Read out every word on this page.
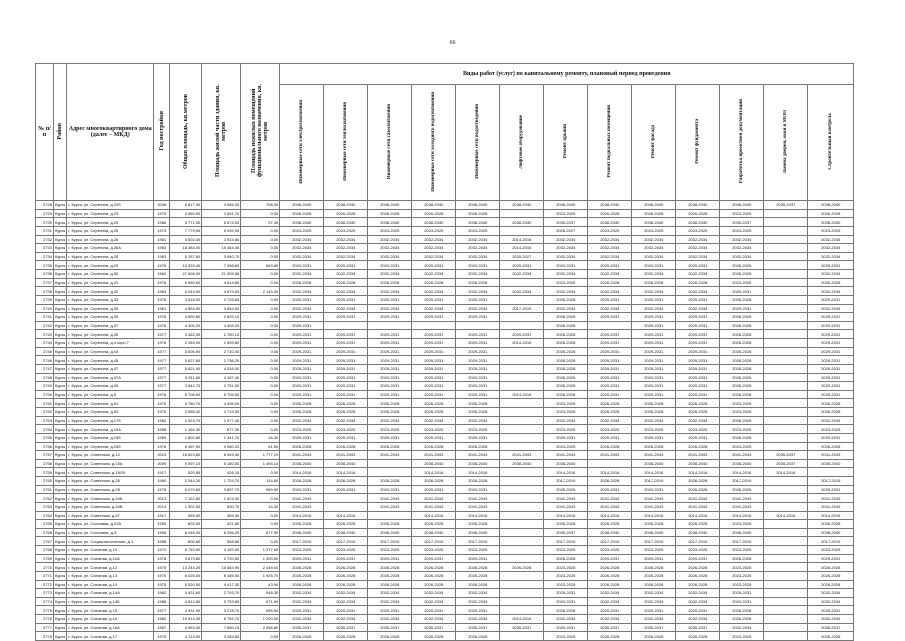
66
№ п/п	Район	Адрес многоквартирного дома (далее – МКД)	Год постройки	Общая площадь, кв.метров	Площадь жилой части здания, кв. метров	Площадь нежилых помещений функционального назначения, кв. метров	Виды работ (услуг) по капитальному ремонту, плановый период проведения												
							Инженерные сети электроснабжения	Инженерные сети теплоснабжения	Инженерные сети газоснабжения	Инженерные сети холодного водоснабжения	Инженерные сети водоотведения	Лифтовое оборудование	Ремонт крыши	Ремонт подвальных помещений	Ремонт фасада	Ремонт фундамента	Разработка проектной документации	Замена дверей, окон в МОП	Строительный контроль
2728	Курск	г. Курск, ул. Серегина, д.22б	2006	8 817,30	4 966,30	758,30	2038-2040	2038-2040	2038-2040	2038-2040	2038-2040	2038-2040	2038-2040	2038-2040	2038-2040	2038-2040	2038-2040	2035-2037	2038-2040
2729	Курск	г. Курск, ул. Серегина, д.23	1975	3 580,50	2 691,70	0,00	2026-2028	2026-2028	2026-2028	2026-2028	2026-2028		2023-2025	2026-2028	2026-2028	2026-2028	2023-2025		2026-2028
2730	Курск	г. Курск, ул. Серегина, д.25	1966	5 771,90	5 674,00	97,40	2038-2040	2038-2040	2038-2040	2038-2040	2038-2040	2038-2040	2035-2037	2038-2040	2038-2040	2038-2040	2035-2037		2038-2040
2731	Курск	г. Курск, ул. Серегина, д.25	1973	7 779,90	5 932,90	0,00	2023-2025	2023-2025	2023-2025	2023-2025	2023-2025		2026-2027	2023-2025	2023-2025	2023-2025	2023-2025		2023-2025
2732	Курск	г. Курск, ул. Серегина, д.26	1981	4 602,40	3 924,80	0,00	2032-2034	2032-2034	2032-2034	2032-2034	2032-2034	2014-2016	2032-2034	2032-2034	2032-2034	2032-2034	2032-2034		2032-2034
2733	Курск	г. Курск, ул. Серегина, д.26А	1983	18 384,00	15 464,35	0,00	2032-2034	2032-2034	2032-2034	2032-2034	2032-2034	2014-2016	2032-2034	2032-2034	2032-2034	2032-2034	2032-2034		2032-2034
2734	Курск	г. Курск, ул. Серегина, д.28	1983	5 157,60	3 940,70	0,00	2032-2034	2032-2034	2032-2034	2032-2034	2032-2034	2025-2027	2032-2034	2032-2034	2032-2034	2032-2034	2032-2034		2032-2034
2735	Курск	г. Курск, ул. Серегина, д.29	1976	10 333,40	7 998,60	663,80	2029-2031	2029-2031	2029-2031	2029-2031	2029-2031	2029-2031	2029-2031	2029-2031	2029-2031	2029-2031	2026-2028		2029-2031
2736	Курск	г. Курск, ул. Серегина, д.30	1962	27 606,00	21 309,56	0,00	2032-2034	2032-2034	2032-2034	2032-2034	2032-2034	2032-2034	2032-2034	2032-2034	2032-2034	2032-2034	2026-2028		2032-2034
2737	Курск	г. Курск, ул. Серегина, д.31	1976	5 960,50	4 614,80	0,00	2026-2028	2026-2028	2026-2028	2026-2028	2026-2028		2023-2025	2026-2028	2026-2028	2026-2028	2023-2025		2026-2028
2738	Курск	г. Курск, ул. Серегина, д.32	1983	5 044,90	3 879,90	2 149,30	2032-2034	2032-2034	2032-2034	2032-2034	2032-2034	2032-2034	2032-2034	2032-2034	2032-2034	2032-2034	2029-2031		2032-2034
2739	Курск	г. Курск, ул. Серегина, д.33	1976	3 616,90	2 726,60	0,00	2029-2031	2029-2031	2029-2031	2029-2031	2029-2031		2026-2028	2029-2031	2029-2031	2029-2031	2026-2028		2029-2031
2740	Курск	г. Курск, ул. Серегина, д.35	1981	4 854,90	3 854,90	0,00	2032-2034	2032-2034	2032-2034	2032-2034	2032-2034	2017-2019	2032-2034	2032-2034	2032-2034	2032-2034	2029-2031		2032-2034
2741	Курск	г. Курск, ул. Серегина, д.35	1976	3 690,80	2 693,10	0,00	2029-2031	2029-2031	2029-2031	2029-2031	2029-2031		2026-2028	2029-2031	2029-2031	2029-2031	2026-2028		2029-2031
2742	Курск	г. Курск, ул. Серегина, д.37	1976	4 405,20	4 405,20	0,00	2029-2031						2026-2028		2029-2031	2029-2031	2026-2028		2029-2031
2743	Курск	г. Курск, ул. Серегина, д.39	1977	3 462,90	2 760,10	0,00	2029-2031	2029-2031	2029-2031	2029-2031	2029-2031	2029-2031	2026-2028	2029-2031	2029-2031	2029-2031	2026-2028		2029-2031
2744	Курск	г. Курск, ул. Серегина, д.4 корп.7	1976	2 283,90	1 959,80	0,00	2029-2031	2029-2031	2029-2031	2029-2031	2029-2031	2014-2016	2026-2028	2029-2031	2029-2031	2029-2031	2026-2028		2029-2031
2745	Курск	г. Курск, ул. Серегина, д.43	1977	3 606,90	2 710,40	0,00	2029-2031	2029-2031	2029-2031	2029-2031	2029-2031		2026-2028	2029-2031	2029-2031	2029-2031	2026-2028		2029-2031
2746	Курск	г. Курск, ул. Серегина, д.45	1977	3 627,60	2 736,20	0,00	2029-2031	2029-2031	2029-2031	2029-2031	2029-2031		2026-2028	2029-2031	2029-2031	2029-2031	2026-2028		2029-2031
2747	Курск	г. Курск, ул. Серегина, д.47	1977	5 621,40	4 316,00	0,00	2029-2031	2029-2031	2029-2031	2029-2031	2029-2031		2026-2028	2029-2031	2029-2031	2029-2031	2026-2028		2029-2031
2748	Курск	г. Курск, ул. Серегина, д.47А	1977	5 511,60	4 157,40	0,00	2029-2031	2029-2031	2029-2031	2029-2031	2029-2031		2026-2028	2029-2031	2029-2031	2029-2031	2026-2028		2029-2031
2749	Курск	г. Курск, ул. Серегина, д.49	1977	3 642,70	2 751,50	0,00	2029-2031	2029-2031	2029-2031	2029-2031	2029-2031		2026-2028	2029-2031	2029-2031	2029-2031	2026-2028		2029-2031
2750	Курск	г. Курск, ул. Серегина, д.5	1976	6 706,50	5 706,50	0,00	2029-2031	2029-2031	2029-2031	2029-2031	2029-2031	2014-2016	2026-2028	2029-2031	2029-2031	2029-2031	2026-2028		2029-2031
2751	Курск	г. Курск, ул. Серегина, д.51	1975	5 780,70	4 496,00	0,00	2026-2028	2026-2028	2026-2028	2026-2028	2026-2028		2023-2025	2026-2028	2026-2028	2026-2028	2023-2025		2026-2028
2752	Курск	г. Курск, ул. Серегина, д.53	1975	3 585,40	2 719,50	0,00	2026-2028	2026-2028	2026-2028	2026-2028	2026-2028		2023-2025	2026-2028	2026-2028	2026-2028	2023-2025		2026-2028
2753	Курск	г. Курск, ул. Серегина, д.17б	1982	2 923,70	1 977,40	0,00	2032-2034	2032-2034	2032-2034	2032-2034	2032-2034		2032-2034	2032-2034	2032-2034	2032-2034	2026-2028		2032-2034
2754	Курск	г. Курск, ул. Серегина, д.19А	1958	1 166,30	877,30	0,00	2023-2025	2023-2025	2023-2025	2023-2025	2023-2025		2023-2025	2023-2025	2023-2025	2023-2025	2023-2025		2023-2025
2755	Курск	г. Курск, ул. Серегина, д.19б	1969	1 802,80	1 341,70	16,30	2029-2031	2029-2031	2029-2031	2029-2031	2029-2031		2029-2031	2029-2031	2029-2031	2029-2031	2026-2028		2029-2031
2756	Курск	г. Курск, ул. Серегина, д.20б	1976	5 457,90	4 060,20	61,50	2026-2028	2026-2028	2026-2028	2026-2028	2026-2028		2023-2025	2026-2028	2026-2028	2026-2028	2023-2025		2026-2028
2757	Курск	г. Курск, ул. Советская, д.12	2013	18 823,80	8 549,40	1 777,10	2041-2043	2041-2043	2041-2043	2041-2043	2041-2043	2041-2043	2041-2043	2041-2043	2041-2043	2041-2043	2041-2043	2035-2037	2041-2043
2758	Курск	г. Курск, ул. Советская, д.15А	2009	9 597,10	5 150,50	1 494,10	2038-2040	2038-2040		2038-2040	2038-2040	2038-2040	2038-2040		2038-2040	2038-2040	2038-2040	2035-2037	2038-2040
2759	Курск	г. Курск, ул. Советская, д.18/29	1917	520,85	426,15	0,00	2014-2016	2014-2016		2014-2016	2014-2016		2014-2016	2014-2016	2014-2016	2014-2016	2014-2016	2014-2016	
2760	Курск	г. Курск, ул. Советская, д.26	1960	2 344,30	1 729,70	114,60	2026-2028	2026-2028	2026-2028	2026-2028	2026-2028		2017-2019	2026-2028	2017-2019	2026-2028	2017-2019		2017-2019
2761	Курск	г. Курск, ул. Советская, д.28	1978	5 070,60	3 897,70	969,90	2029-2031	2029-2031	2029-2031	2029-2031	2029-2031		2025-2025	2029-2031	2029-2031	2026-2028	2026-2028		2029-2031
2762	Курск	г. Курск, ул. Советская, д.44Б	2013	7 122,80	1 924,30	0,00	2041-2043		2041-2043	2041-2043	2041-2043		2041-2043	2041-2043	2041-2043	2041-2043	2041-2043		2041-2043
2763	Курск	г. Курск, ул. Советская, д.44В	2014	1 902,50	830,70	14,30	2041-2043		2041-2043	2041-2043	2041-2043		2041-2043	2041-2043	2041-2043	2041-2043	2041-2043		2041-2043
2764	Курск	г. Курск, ул. Советская, д.57	1917	369,90	369,90	0,00	2014-2016	2014-2016		2014-2016	2014-2016		2014-2016	2014-2016	2014-2016	2014-2016	2014-2016	2014-2016	2014-2016
2765	Курск	г. Курск, ул. Сосновая, д.22А	1955	802,00	421,80	0,00	2026-2028	2026-2028	2026-2028	2026-2028	2026-2028		2026-2028	2026-2028	2026-2028	2026-2028	2023-2025		2026-2028
2766	Курск	г. Курск, ул. Сосновая, д.5	1996	8 046,30	6 296,20	677,90	2038-2040	2038-2040	2038-2040	2038-2040	2038-2040		2035-2037	2038-2040	2038-2040	2038-2040	2038-2040		2038-2040
2767	Курск	г. Курск, ул. Социалистическая, д.1	1958	800,80	558,60	0,00	2017-2019	2017-2019	2017-2019	2017-2019	2017-2019		2017-2019	2017-2019	2017-2019	2017-2019	2017-2019		2017-2019
2768	Курск	г. Курск, ул. Союзная, д.10	1972	6 753,90	4 192,90	1 377,60	2023-2025	2023-2025	2023-2025	2023-2025	2023-2025		2023-2025	2023-2025	2023-2025	2023-2025	2023-2025		2023-2025
2769	Курск	г. Курск, ул. Союзная, д.10А	1978	3 673,80	2 720,50	1 393,50	2029-2031	2029-2031	2029-2031	2029-2031	2029-2031		2026-2028	2029-2031	2029-2031	2029-2031	2026-2028		2029-2031
2770	Курск	г. Курск, ул. Союзная, д.12	1975	13 244,20	10 584,90	2 449,00	2026-2028	2026-2028	2026-2028	2026-2028	2026-2028	2026-2028	2023-2025	2026-2028	2026-2028	2026-2028	2023-2025		2026-2028
2771	Курск	г. Курск, ул. Союзная, д.13	1975	8 025,00	6 185,50	1 925,70	2026-2028	2026-2028	2026-2028	2026-2028	2026-2028		2023-2025	2026-2028	2026-2028	2026-2028	2023-2025		2026-2028
2772	Курск	г. Курск, ул. Союзная, д.14	1975	5 520,50	4 417,30	43,90	2026-2028	2026-2028	2026-2028	2026-2028	2026-2028		2023-2025	2026-2028	2026-2028	2026-2028	2023-2025		2026-2028
2773	Курск	г. Курск, ул. Союзная, д.14А	1962	3 921,60	2 793,70	948,30	2032-2034	2032-2034	2032-2034	2032-2034	2032-2034		2029-2031	2032-2034	2032-2034	2032-2034	2029-2031		2032-2034
2774	Курск	г. Курск, ул. Союзная, д.14Б	1986	4 812,80	3 753,80	671,90	2032-2034	2032-2034	2032-2034	2032-2034	2032-2034		2029-2031	2032-2034	2032-2034	2032-2034	2029-2031		2032-2034
2775	Курск	г. Курск, ул. Союзная, д.15	1977	4 331,90	3 278,70	955,90	2029-2031	2029-2031	2029-2031	2029-2031	2029-2031		2026-2028	2029-2031	2029-2031	2029-2031	2026-2028		2029-2031
2776	Курск	г. Курск, ул. Союзная, д.16	1982	10 314,30	6 752,70	1 200,00	2032-2034	2032-2034	2032-2034	2032-2034	2032-2034	2014-2016	2032-2034	2032-2034	2032-2034	2032-2034	2026-2028		2032-2034
2777	Курск	г. Курск, ул. Союзная, д.16А	1987	9 953,30	7 660,10	2 256,80	2035-2037	2035-2037	2035-2037	2035-2037	2035-2037	2035-2037	2029-2031	2035-2037	2035-2037	2035-2037	2032-2034		2035-2037
2778	Курск	г. Курск, ул. Союзная, д.17	1975	4 114,50	3 284,80	0,00	2026-2028	2026-2028	2026-2028	2026-2028	2026-2028		2023-2025	2026-2028	2026-2028	2026-2028	2023-2025		2026-2028
